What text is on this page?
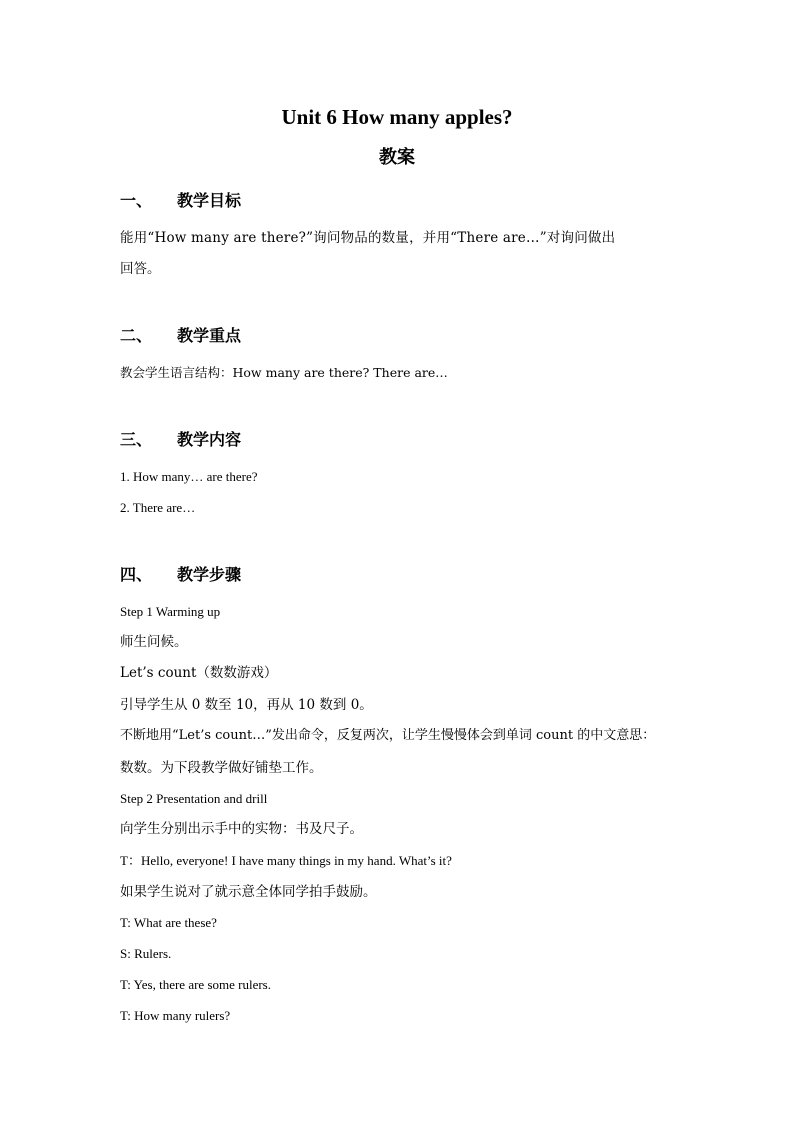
Unit 6 How many apples?
教案
一、 教学目标
能用“How many are there?”询问物品的数量，并用“There are…”对询问做出
回答。
二、 教学重点
教会学生语言结构：How many are there? There are…
三、 教学内容
1. How many… are there?
2. There are…
四、 教学步骤
Step 1 Warming up
师生问候。
Let’s count（数数游戏）
引导学生从 0 数至 10，再从 10 数到 0。
不断地用“Let’s count…”发出命令，反复两次，让学生慢慢体会到单词 count 的中文意思：
数数。为下段教学做好铺垫工作。
Step 2 Presentation and drill
向学生分别出示手中的实物：书及尺子。
T：Hello, everyone! I have many things in my hand. What’s it?
如果学生说对了就示意全体同学拍手鼓励。
T: What are these?
S: Rulers.
T: Yes, there are some rulers.
T: How many rulers?
